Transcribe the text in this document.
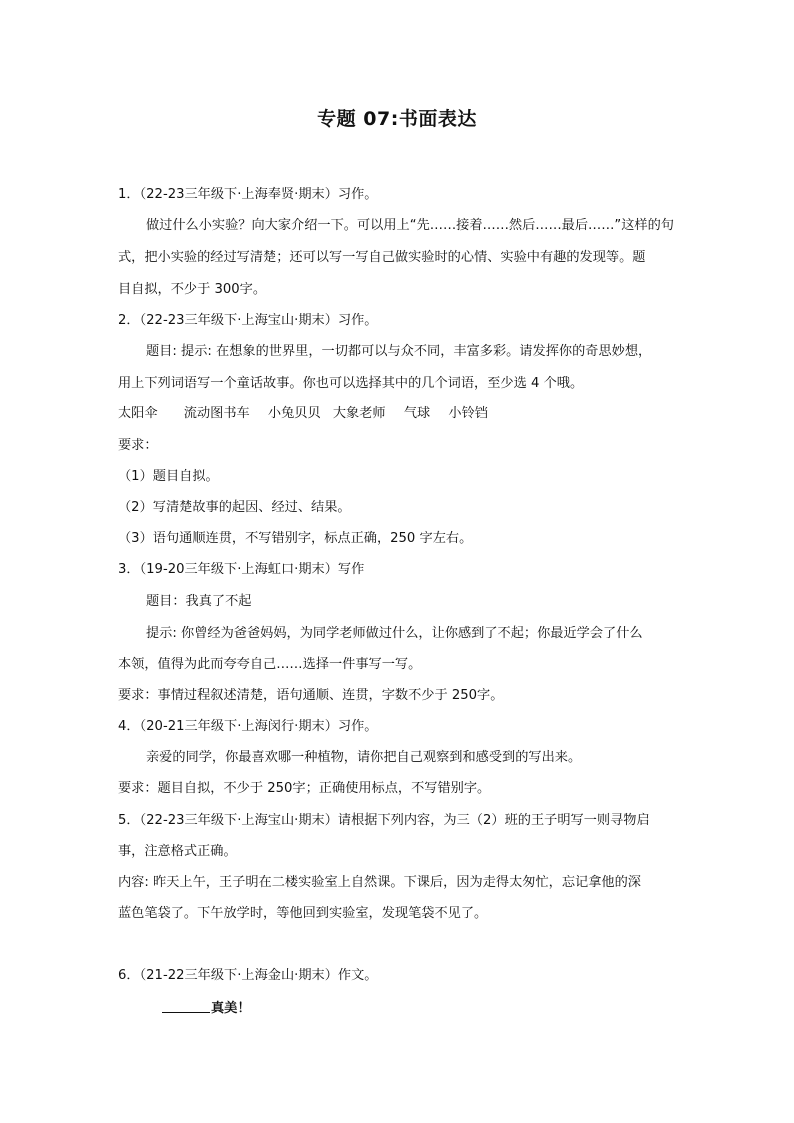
专题 07:书面表达
1．（22-23三年级下·上海奉贤·期末）习作。
做过什么小实验？向大家介绍一下。可以用上“先……接着……然后……最后……”这样的句
式，把小实验的经过写清楚；还可以写一写自己做实验时的心情、实验中有趣的发现等。题
目自拟，不少于 300字。
2．（22-23三年级下·上海宝山·期末）习作。
题目: 提示: 在想象的世界里，一切都可以与众不同，丰富多彩。请发挥你的奇思妙想，
用上下列词语写一个童话故事。你也可以选择其中的几个词语，至少选 4 个哦。
太阳伞 流动图书车 小兔贝贝 大象老师 气球 小铃铛
要求：
（1）题目自拟。
（2）写清楚故事的起因、经过、结果。
（3）语句通顺连贯，不写错别字，标点正确，250 字左右。
3．（19-20三年级下·上海虹口·期末）写作
题目：我真了不起
提示: 你曾经为爸爸妈妈，为同学老师做过什么，让你感到了不起；你最近学会了什么
本领，值得为此而夸夸自己……选择一件事写一写。
要求：事情过程叙述清楚，语句通顺、连贯，字数不少于 250字。
4．（20-21三年级下·上海闵行·期末）习作。
亲爱的同学，你最喜欢哪一种植物，请你把自己观察到和感受到的写出来。
要求：题目自拟，不少于 250字；正确使用标点，不写错别字。
5．（22-23三年级下·上海宝山·期末）请根据下列内容，为三（2）班的王子明写一则寻物启
事，注意格式正确。
内容: 昨天上午，王子明在二楼实验室上自然课。下课后，因为走得太匆忙，忘记拿他的深
蓝色笔袋了。下午放学时，等他回到实验室，发现笔袋不见了。
6．（21-22三年级下·上海金山·期末）作文。
真美！
